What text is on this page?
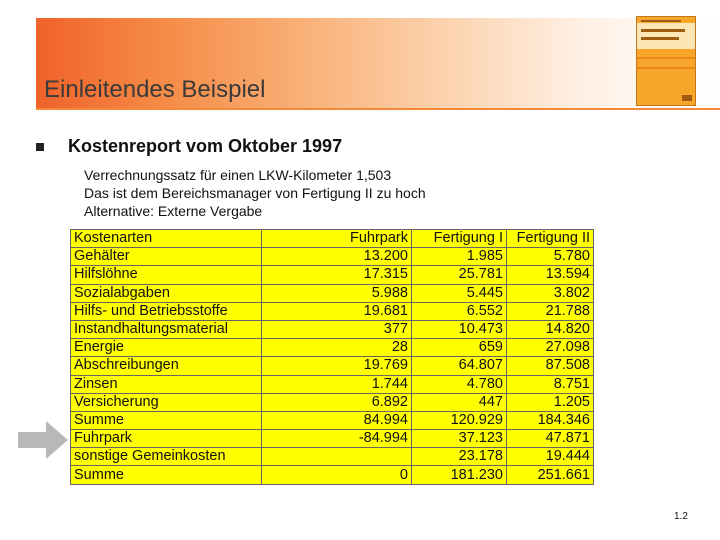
Einleitendes Beispiel
Kostenreport vom Oktober 1997
Verrechnungssatz für einen LKW-Kilometer 1,503
Das ist dem Bereichsmanager von Fertigung II zu hoch
Alternative: Externe Vergabe
Kostenarten	Fuhrpark	Fertigung I	Fertigung II
Gehälter	13.200	1.985	5.780
Hilfslöhne	17.315	25.781	13.594
Sozialabgaben	5.988	5.445	3.802
Hilfs- und Betriebsstoffe	19.681	6.552	21.788
Instandhaltungsmaterial	377	10.473	14.820
Energie	28	659	27.098
Abschreibungen	19.769	64.807	87.508
Zinsen	1.744	4.780	8.751
Versicherung	6.892	447	1.205
Summe	84.994	120.929	184.346
Fuhrpark	-84.994	37.123	47.871
sonstige Gemeinkosten		23.178	19.444
Summe	0	181.230	251.661
1.2
